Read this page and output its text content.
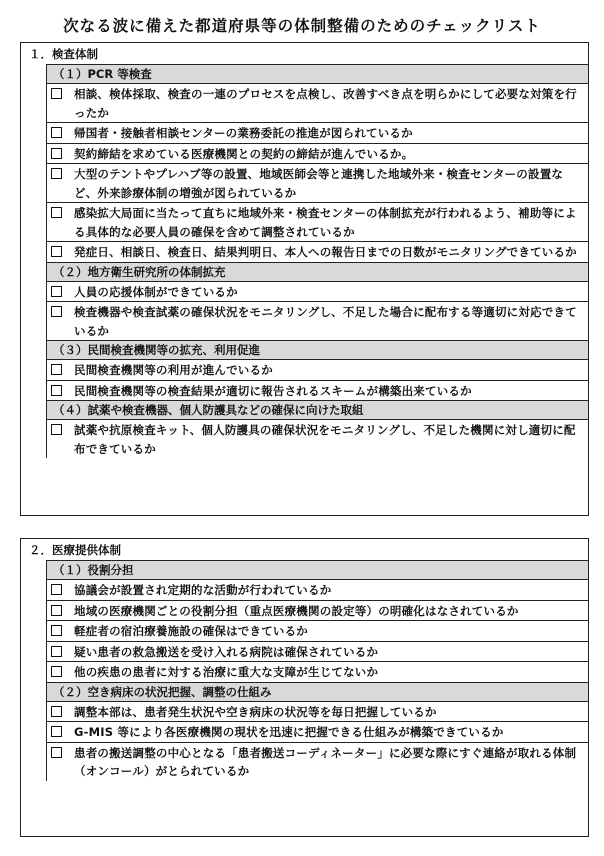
次なる波に備えた都道府県等の体制整備のためのチェックリスト
１．検査体制
（１）PCR 等検査
相談、検体採取、検査の一連のプロセスを点検し、改善すべき点を明らかにして必要な対策を行ったか
帰国者・接触者相談センターの業務委託の推進が図られているか
契約締結を求めている医療機関との契約の締結が進んでいるか。
大型のテントやプレハブ等の設置、地域医師会等と連携した地域外来・検査センターの設置など、外来診療体制の増強が図られているか
感染拡大局面に当たって直ちに地域外来・検査センターの体制拡充が行われるよう、補助等による具体的な必要人員の確保を含めて調整されているか
発症日、相談日、検査日、結果判明日、本人への報告日までの日数がモニタリングできているか
（２）地方衛生研究所の体制拡充
人員の応援体制ができているか
検査機器や検査試薬の確保状況をモニタリングし、不足した場合に配布する等適切に対応できているか
（３）民間検査機関等の拡充、利用促進
民間検査機関等の利用が進んでいるか
民間検査機関等の検査結果が適切に報告されるスキームが構築出来ているか
（４）試薬や検査機器、個人防護具などの確保に向けた取組
試薬や抗原検査キット、個人防護具の確保状況をモニタリングし、不足した機関に対し適切に配布できているか
２．医療提供体制
（１）役割分担
協議会が設置され定期的な活動が行われているか
地域の医療機関ごとの役割分担（重点医療機関の設定等）の明確化はなされているか
軽症者の宿泊療養施設の確保はできているか
疑い患者の救急搬送を受け入れる病院は確保されているか
他の疾患の患者に対する治療に重大な支障が生じてないか
（２）空き病床の状況把握、調整の仕組み
調整本部は、患者発生状況や空き病床の状況等を毎日把握しているか
G-MIS 等により各医療機関の現状を迅速に把握できる仕組みが構築できているか
患者の搬送調整の中心となる「患者搬送コーディネーター」に必要な際にすぐ連絡が取れる体制（オンコール）がとられているか
